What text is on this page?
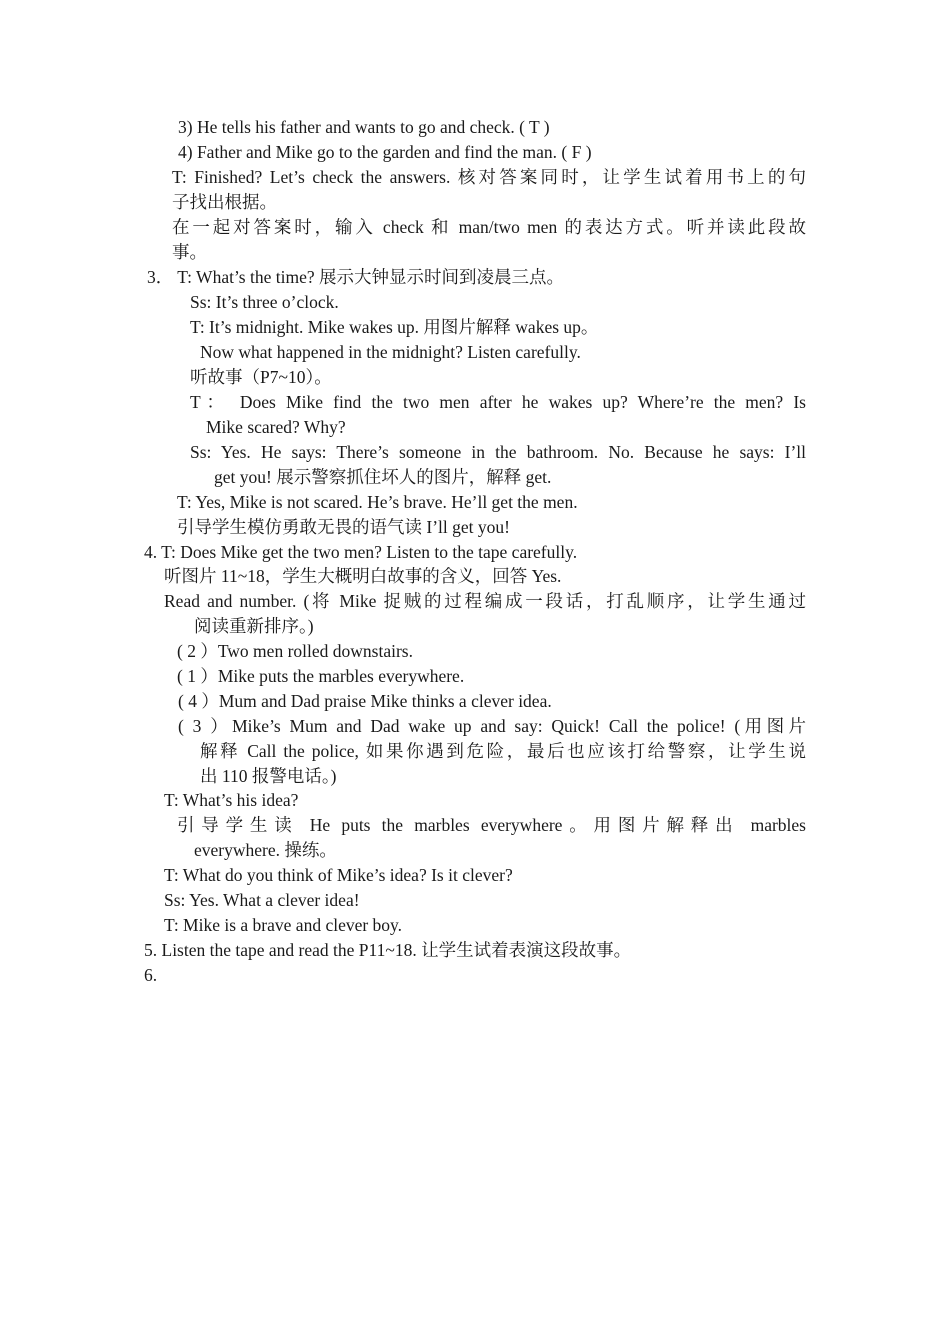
3) He tells his father and wants to go and check. ( T )
4) Father and Mike go to the garden and find the man. ( F )
T: Finished? Let’s check the answers. 核对答案同时，让学生试着用书上的句
子找出根据。
在一起对答案时，输入 check 和 man/two men 的表达方式。听并读此段故
事。
3． T: What’s the time? 展示大钟显示时间到凌晨三点。
Ss: It’s three o’clock.
T: It’s midnight. Mike wakes up. 用图片解释 wakes up。
Now what happened in the midnight? Listen carefully.
听故事（P7~10）。
T： Does Mike find the two men after he wakes up? Where’re the men? Is
Mike scared? Why?
Ss: Yes. He says: There’s someone in the bathroom. No. Because he says: I’ll
get you! 展示警察抓住坏人的图片，解释 get.
T: Yes, Mike is not scared. He’s brave. He’ll get the men.
引导学生模仿勇敢无畏的语气读 I’ll get you!
4. T: Does Mike get the two men? Listen to the tape carefully.
听图片 11~18，学生大概明白故事的含义，回答 Yes.
Read and number. (将 Mike 捉贼的过程编成一段话，打乱顺序，让学生通过
阅读重新排序。)
( 2 ）Two men rolled downstairs.
( 1 ）Mike puts the marbles everywhere.
( 4 ）Mum and Dad praise Mike thinks a clever idea.
( 3 ）Mike’s Mum and Dad wake up and say: Quick! Call the police! (用图片
解释 Call the police, 如果你遇到危险，最后也应该打给警察，让学生说
出 110 报警电话。)
T: What’s his idea?
引导学生读 He puts the marbles everywhere。用图片解释出 marbles
everywhere. 操练。
T: What do you think of Mike’s idea? Is it clever?
Ss: Yes. What a clever idea!
T: Mike is a brave and clever boy.
5. Listen the tape and read the P11~18. 让学生试着表演这段故事。
6.
